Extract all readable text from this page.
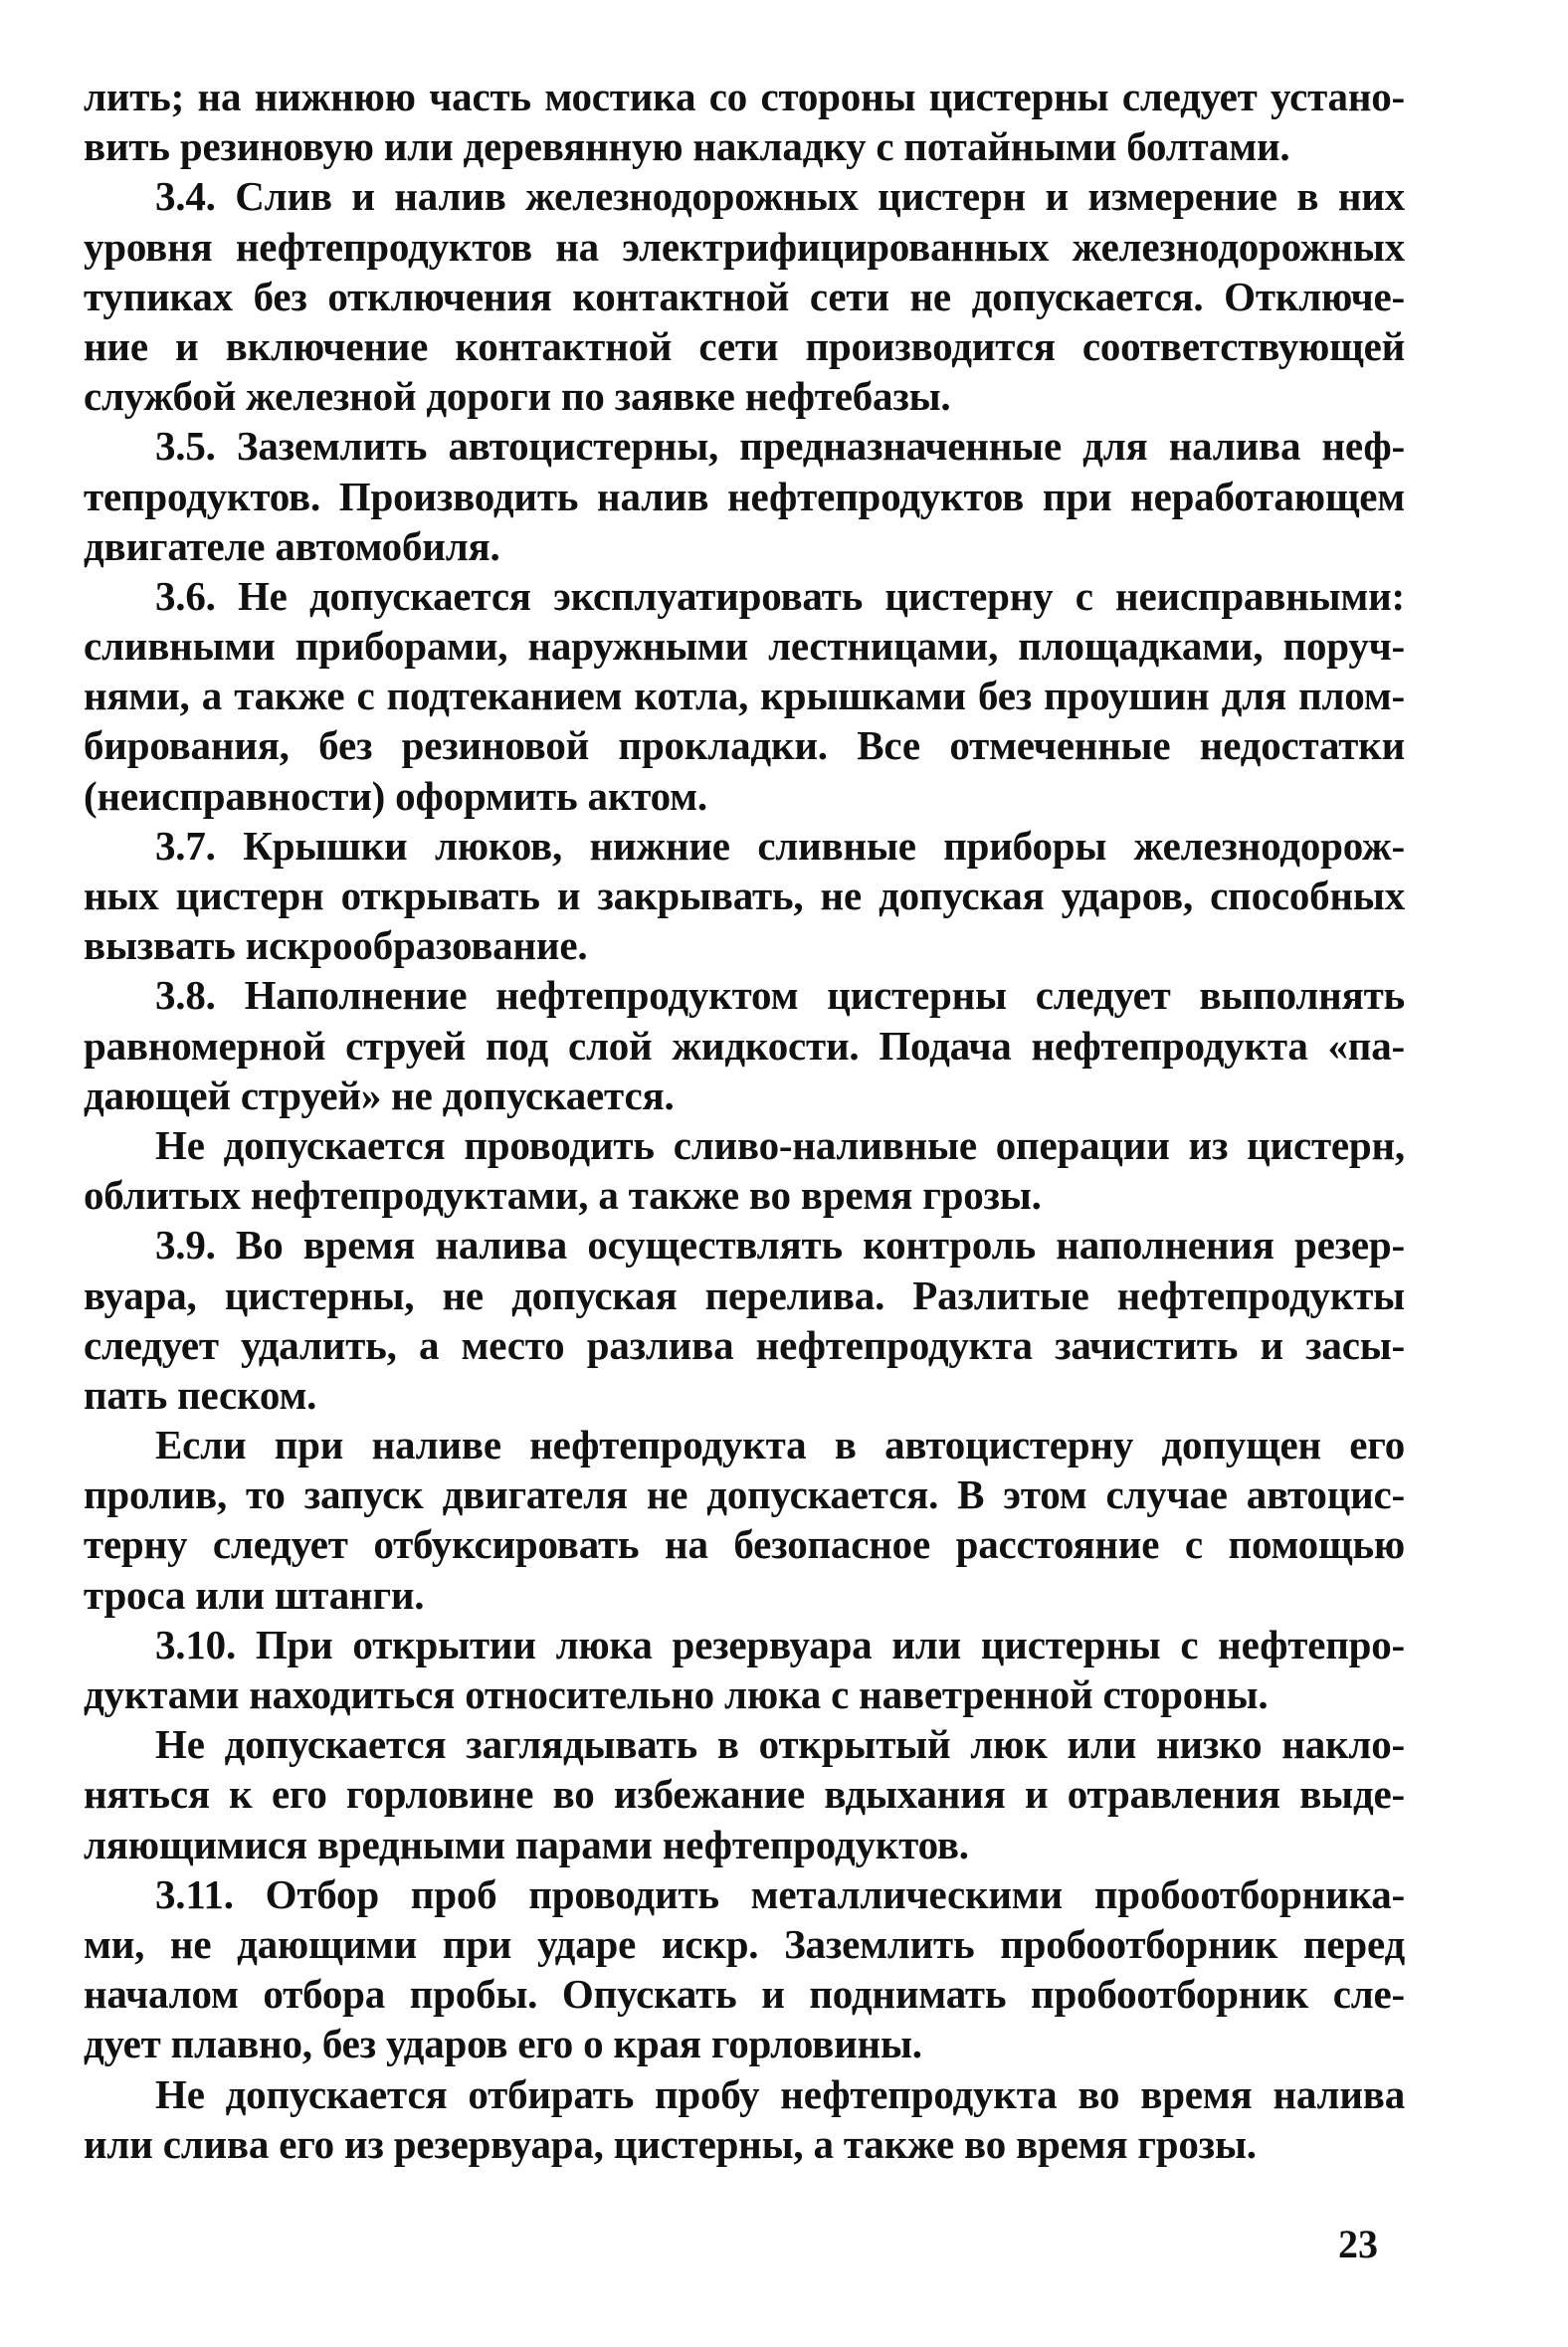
лить; на нижнюю часть мостика со стороны цистерны следует устано-
вить резиновую или деревянную накладку с потайными болтами.
3.4. Слив и налив железнодорожных цистерн и измерение в них
уровня нефтепродуктов на электрифицированных железнодорожных
тупиках без отключения контактной сети не допускается. Отключе-
ние и включение контактной сети производится соответствующей
службой железной дороги по заявке нефтебазы.
3.5. Заземлить автоцистерны, предназначенные для налива неф-
тепродуктов. Производить налив нефтепродуктов при неработающем
двигателе автомобиля.
3.6. Не допускается эксплуатировать цистерну с неисправными:
сливными приборами, наружными лестницами, площадками, поруч-
нями, а также с подтеканием котла, крышками без проушин для плом-
бирования, без резиновой прокладки. Все отмеченные недостатки
(неисправности) оформить актом.
3.7. Крышки люков, нижние сливные приборы железнодорож-
ных цистерн открывать и закрывать, не допуская ударов, способных
вызвать искрообразование.
3.8. Наполнение нефтепродуктом цистерны следует выполнять
равномерной струей под слой жидкости. Подача нефтепродукта «па-
дающей струей» не допускается.
Не допускается проводить сливо-наливные операции из цистерн,
облитых нефтепродуктами, а также во время грозы.
3.9. Во время налива осуществлять контроль наполнения резер-
вуара, цистерны, не допуская перелива. Разлитые нефтепродукты
следует удалить, а место разлива нефтепродукта зачистить и засы-
пать песком.
Если при наливе нефтепродукта в автоцистерну допущен его
пролив, то запуск двигателя не допускается. В этом случае автоцис-
терну следует отбуксировать на безопасное расстояние с помощью
троса или штанги.
3.10. При открытии люка резервуара или цистерны с нефтепро-
дуктами находиться относительно люка с наветренной стороны.
Не допускается заглядывать в открытый люк или низко накло-
няться к его горловине во избежание вдыхания и отравления выде-
ляющимися вредными парами нефтепродуктов.
3.11. Отбор проб проводить металлическими пробоотборника-
ми, не дающими при ударе искр. Заземлить пробоотборник перед
началом отбора пробы. Опускать и поднимать пробоотборник сле-
дует плавно, без ударов его о края горловины.
Не допускается отбирать пробу нефтепродукта во время налива
или слива его из резервуара, цистерны, а также во время грозы.
23
